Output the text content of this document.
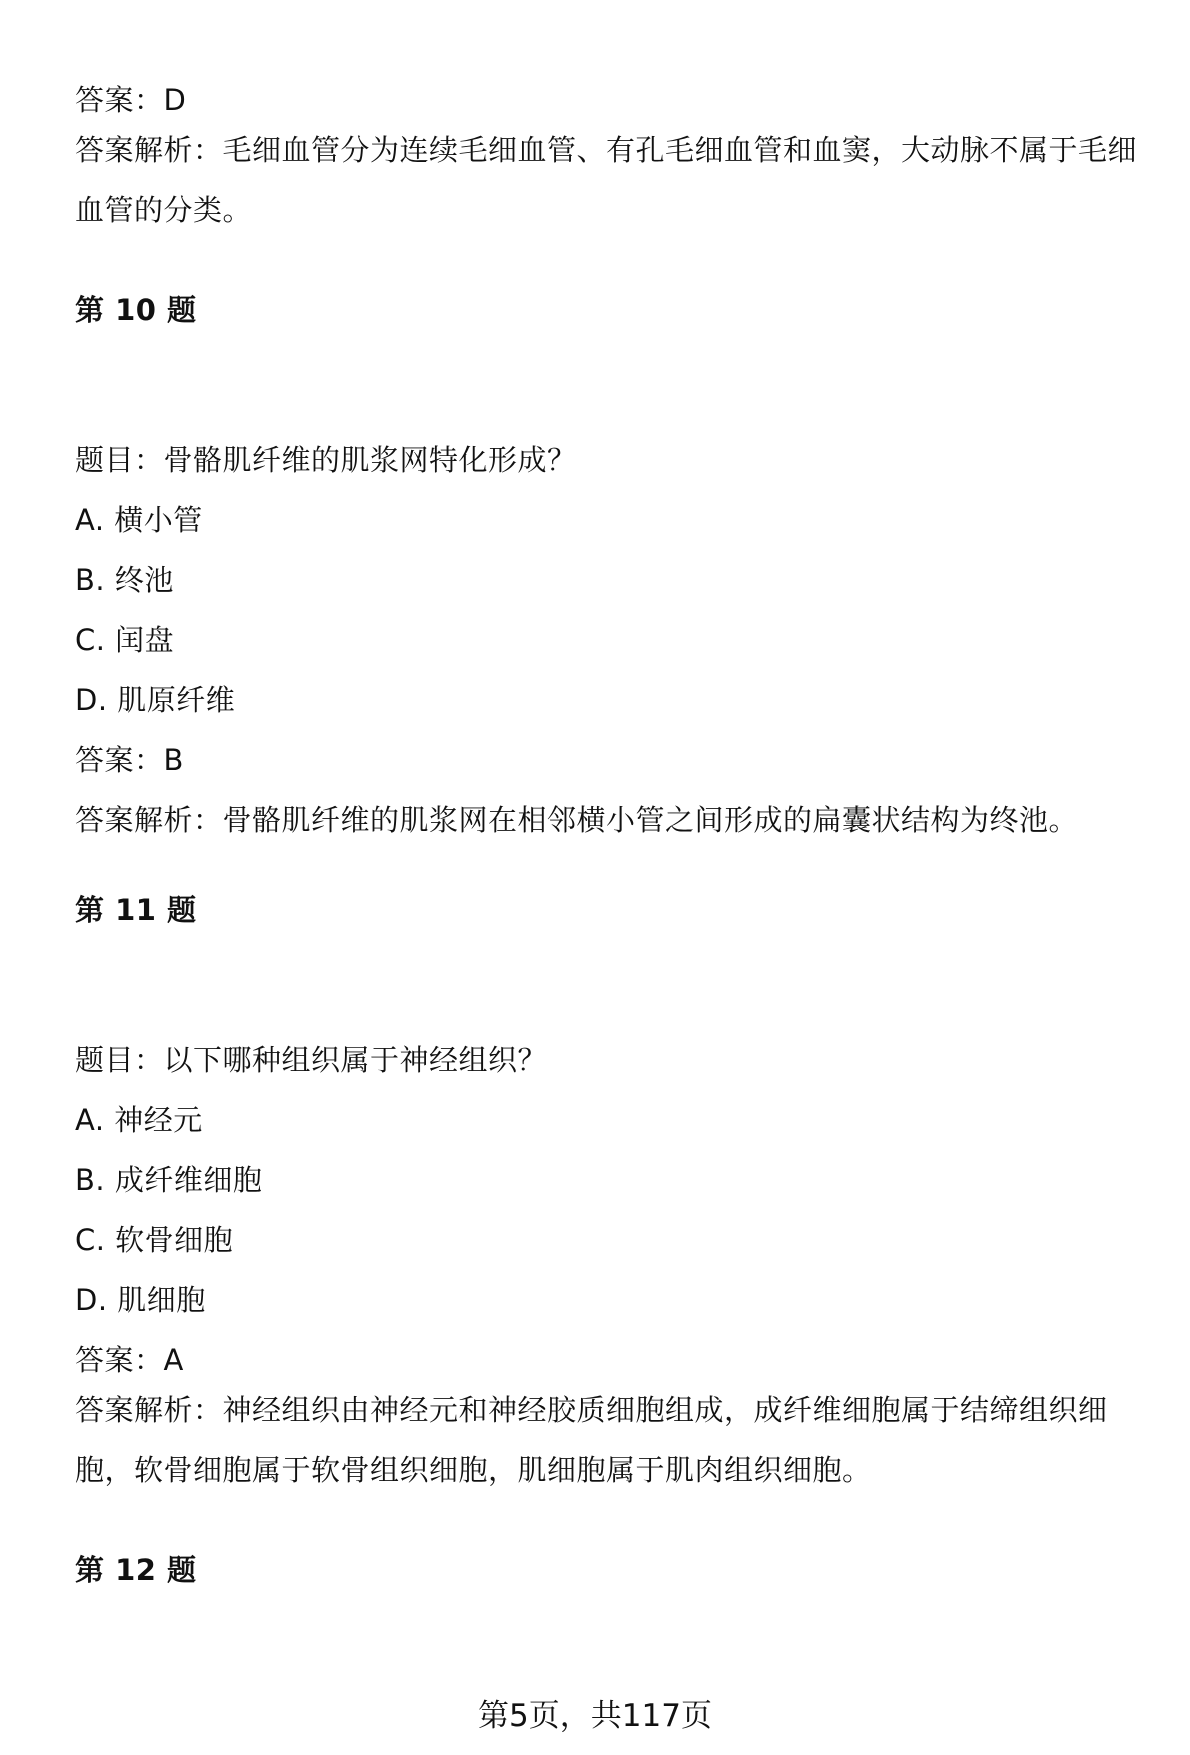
答案：D
答案解析：毛细血管分为连续毛细血管、有孔毛细血管和血窦，大动脉不属于毛细血管的分类。
第 10 题
题目：骨骼肌纤维的肌浆网特化形成？
A. 横小管
B. 终池
C. 闰盘
D. 肌原纤维
答案：B
答案解析：骨骼肌纤维的肌浆网在相邻横小管之间形成的扁囊状结构为终池。
第 11 题
题目：以下哪种组织属于神经组织？
A. 神经元
B. 成纤维细胞
C. 软骨细胞
D. 肌细胞
答案：A
答案解析：神经组织由神经元和神经胶质细胞组成，成纤维细胞属于结缔组织细胞，软骨细胞属于软骨组织细胞，肌细胞属于肌肉组织细胞。
第 12 题
第5页，共117页
